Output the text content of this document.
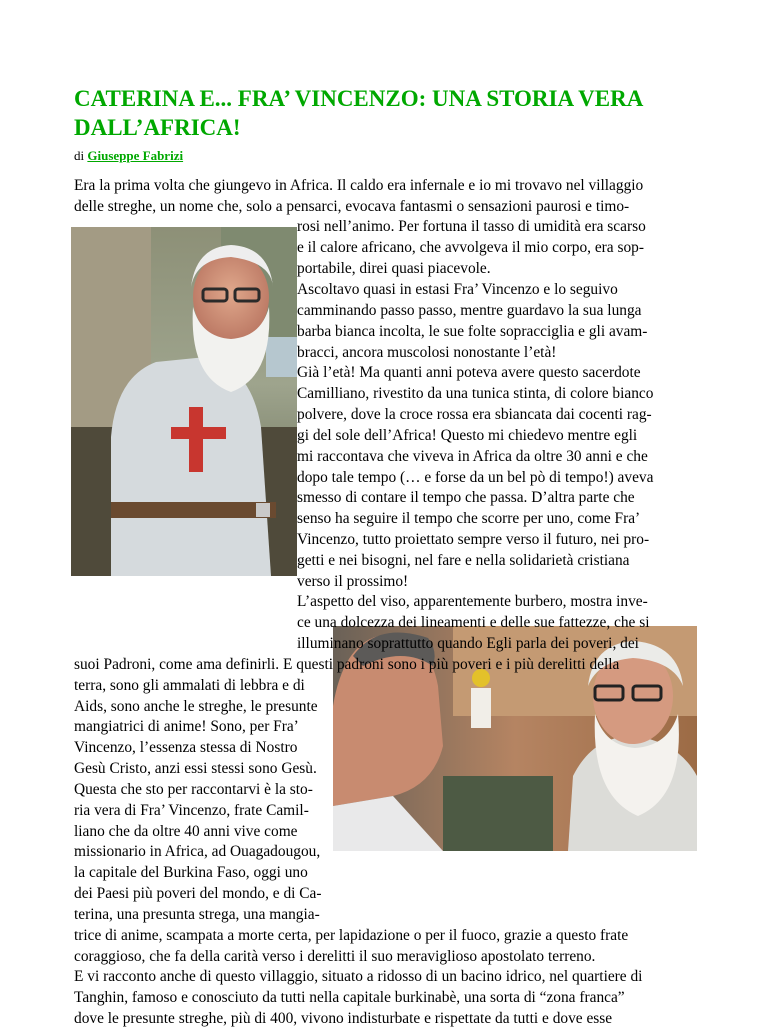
CATERINA E... FRA’ VINCENZO: UNA STORIA VERA
DALL’AFRICA!
di Giuseppe Fabrizi
Era la prima volta che giungevo in Africa. Il caldo era infernale e io mi trovavo nel villaggio
delle streghe, un nome che, solo a pensarci, evocava fantasmi o sensazioni paurosi e timo-
rosi nell’animo. Per fortuna il tasso di umidità era scarso
e il calore africano, che avvolgeva il mio corpo, era sop-
portabile, direi quasi piacevole.
Ascoltavo quasi in estasi Fra’ Vincenzo e lo seguivo
camminando passo passo, mentre guardavo la sua lunga
barba bianca incolta, le sue folte sopracciglia e gli avam-
bracci, ancora muscolosi nonostante l’età!
Già l’età! Ma quanti anni poteva avere questo sacerdote
Camilliano, rivestito da una tunica stinta, di colore bianco
polvere, dove la croce rossa era sbiancata dai cocenti rag-
gi del sole dell’Africa! Questo mi chiedevo mentre egli
mi raccontava che viveva in Africa da oltre 30 anni e che
dopo tale tempo (… e forse da un bel pò di tempo!) aveva
smesso di contare il tempo che passa. D’altra parte che
senso ha seguire il tempo che scorre per uno, come Fra’
Vincenzo, tutto proiettato sempre verso il futuro, nei pro-
getti e nei bisogni, nel fare e nella solidarietà cristiana
verso il prossimo!
L’aspetto del viso, apparentemente burbero, mostra inve-
ce una dolcezza dei lineamenti e delle sue fattezze, che si
illuminano soprattutto quando Egli parla dei poveri, dei
suoi Padroni, come ama definirli. E questi padroni sono i più poveri e i più derelitti della
terra, sono gli ammalati di lebbra e di
Aids, sono anche le streghe, le presunte
mangiatrici di anime! Sono, per Fra’
Vincenzo, l’essenza stessa di Nostro
Gesù Cristo, anzi essi stessi sono Gesù.
Questa che sto per raccontarvi è la sto-
ria vera di Fra’ Vincenzo, frate Camil-
liano che da oltre 40 anni vive come
missionario in Africa, ad Ouagadougou,
la capitale del Burkina Faso, oggi uno
dei Paesi più poveri del mondo, e di Ca-
terina, una presunta strega, una mangia-
trice di anime, scampata a morte certa, per lapidazione o per il fuoco, grazie a questo frate
coraggioso, che fa della carità verso i derelitti il suo meraviglioso apostolato terreno.
E vi racconto anche di questo villaggio, situato a ridosso di un bacino idrico, nel quartiere di
Tanghin, famoso e conosciuto da tutti nella capitale burkinabè, una sorta di “zona franca”
dove le presunte streghe, più di 400, vivono indisturbate e rispettate da tutti e dove esse
